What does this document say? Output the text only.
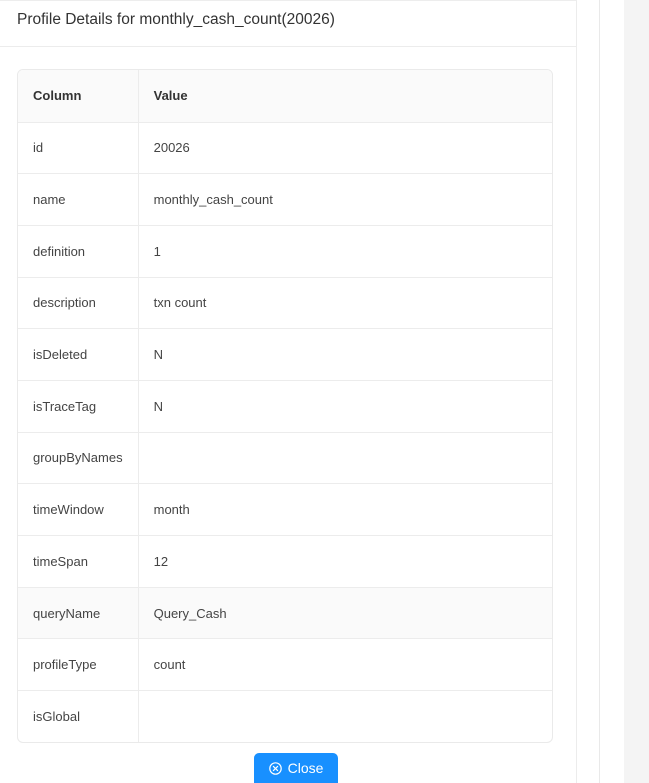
Profile Details for monthly_cash_count(20026)
Column	Value
id	20026
name	monthly_cash_count
definition	1
description	txn count
isDeleted	N
isTraceTag	N
groupByNames	
timeWindow	month
timeSpan	12
queryName	Query_Cash
profileType	count
isGlobal	
Close
